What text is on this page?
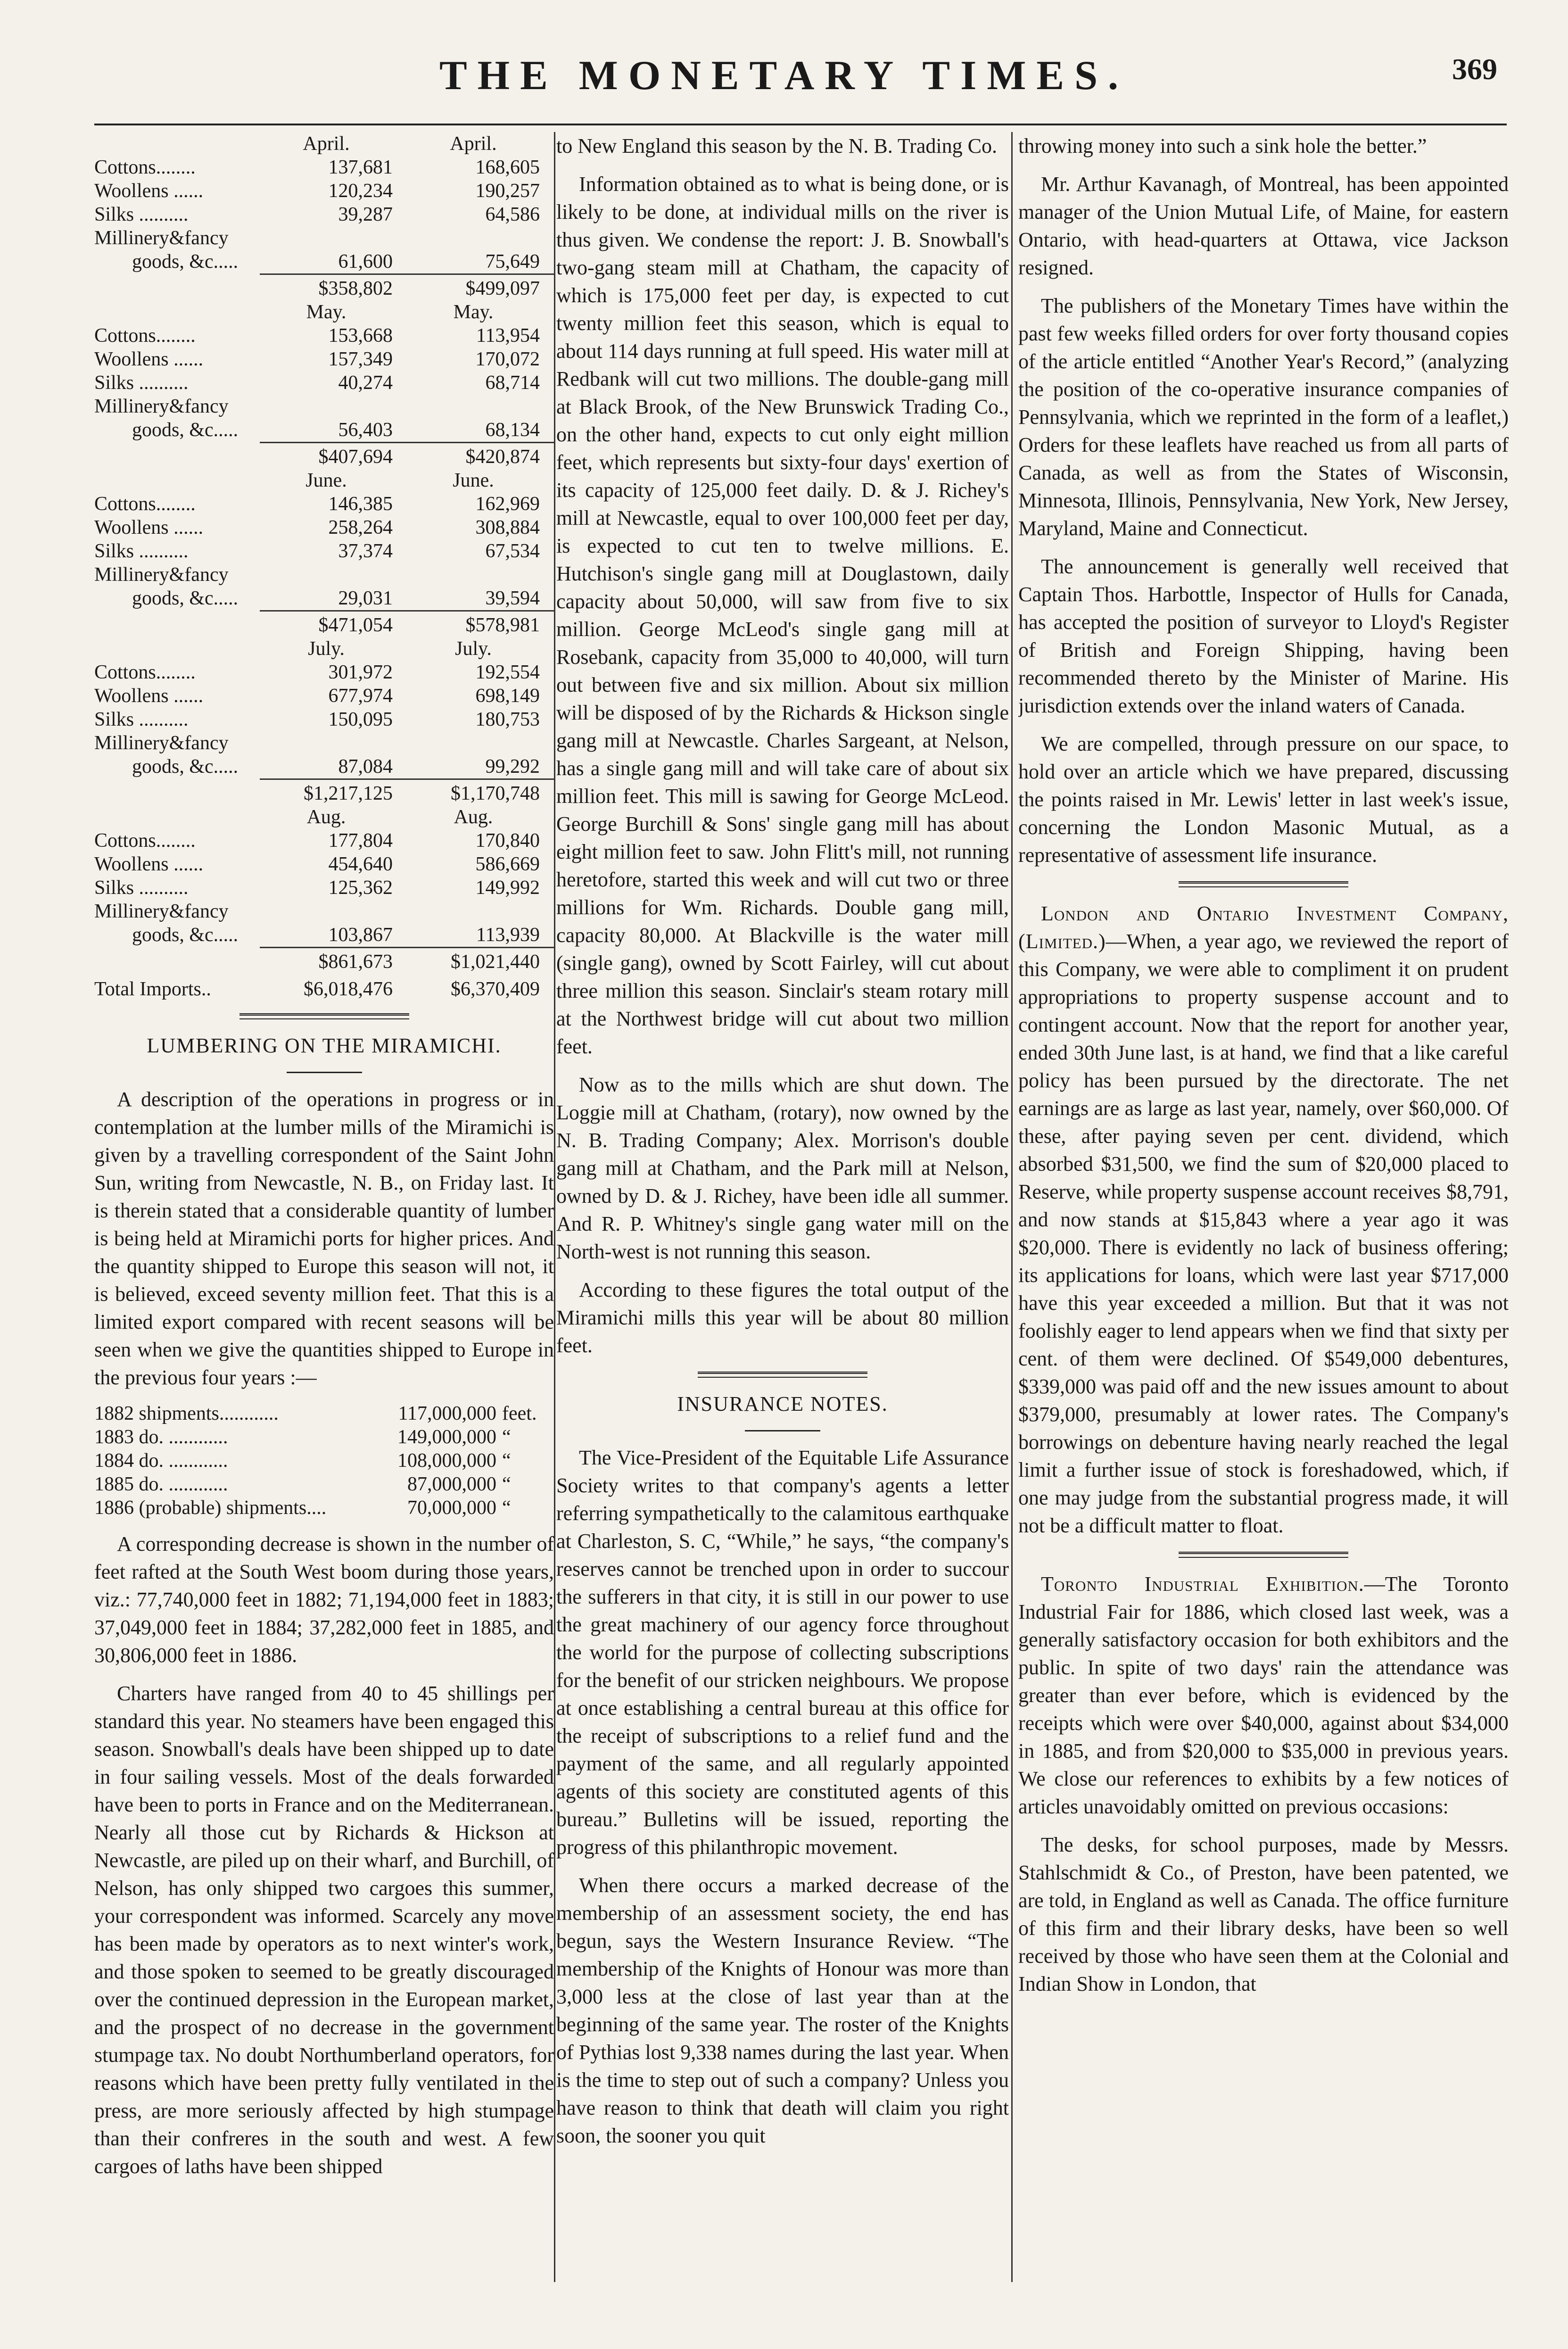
THE MONETARY TIMES.	369
	April.	April.
Cottons........	137,681	168,605
Woollens ......	120,234	190,257
Silks ..........	39,287	64,586
Millinery&fancy		
goods, &c.....	61,600	75,649
	$358,802	$499,097
	May.	May.
Cottons........	153,668	113,954
Woollens ......	157,349	170,072
Silks ..........	40,274	68,714
Millinery&fancy		
goods, &c.....	56,403	68,134
	$407,694	$420,874
	June.	June.
Cottons........	146,385	162,969
Woollens ......	258,264	308,884
Silks ..........	37,374	67,534
Millinery&fancy		
goods, &c.....	29,031	39,594
	$471,054	$578,981
	July.	July.
Cottons........	301,972	192,554
Woollens ......	677,974	698,149
Silks ..........	150,095	180,753
Millinery&fancy		
goods, &c.....	87,084	99,292
	$1,217,125	$1,170,748
	Aug.	Aug.
Cottons........	177,804	170,840
Woollens ......	454,640	586,669
Silks ..........	125,362	149,992
Millinery&fancy		
goods, &c.....	103,867	113,939
	$861,673	$1,021,440
Total Imports..	$6,018,476	$6,370,409
LUMBERING ON THE MIRAMICHI.

A description of the operations in progress or in contemplation at the lumber mills of the Miramichi is given by a travelling correspondent of the Saint John Sun, writing from Newcastle, N. B., on Friday last. It is therein stated that a considerable quantity of lumber is being held at Miramichi ports for higher prices. And the quantity shipped to Europe this season will not, it is believed, exceed seventy million feet. That this is a limited export compared with recent seasons will be seen when we give the quantities shipped to Europe in the previous four years :—

1882 shipments............	117,000,000	feet.
1883 do. ............	149,000,000	“
1884 do. ............	108,000,000	“
1885 do. ............	87,000,000	“
1886 (probable) shipments....	70,000,000	“

A corresponding decrease is shown in the number of feet rafted at the South West boom during those years, viz.: 77,740,000 feet in 1882; 71,194,000 feet in 1883; 37,049,000 feet in 1884; 37,282,000 feet in 1885, and 30,806,000 feet in 1886.

Charters have ranged from 40 to 45 shillings per standard this year. No steamers have been engaged this season. Snowball's deals have been shipped up to date in four sailing vessels. Most of the deals forwarded have been to ports in France and on the Mediterranean. Nearly all those cut by Richards & Hickson at Newcastle, are piled up on their wharf, and Burchill, of Nelson, has only shipped two cargoes this summer, your correspondent was informed. Scarcely any move has been made by operators as to next winter's work, and those spoken to seemed to be greatly discouraged over the continued depression in the European market, and the prospect of no decrease in the government stumpage tax. No doubt Northumberland operators, for reasons which have been pretty fully ventilated in the press, are more seriously affected by high stumpage than their confreres in the south and west. A few cargoes of laths have been shipped

to New England this season by the N. B. Trading Co.

Information obtained as to what is being done, or is likely to be done, at individual mills on the river is thus given. We condense the report: J. B. Snowball's two-gang steam mill at Chatham, the capacity of which is 175,000 feet per day, is expected to cut twenty million feet this season, which is equal to about 114 days running at full speed. His water mill at Redbank will cut two millions. The double-gang mill at Black Brook, of the New Brunswick Trading Co., on the other hand, expects to cut only eight million feet, which represents but sixty-four days' exertion of its capacity of 125,000 feet daily. D. & J. Richey's mill at Newcastle, equal to over 100,000 feet per day, is expected to cut ten to twelve millions. E. Hutchison's single gang mill at Douglastown, daily capacity about 50,000, will saw from five to six million. George McLeod's single gang mill at Rosebank, capacity from 35,000 to 40,000, will turn out between five and six million. About six million will be disposed of by the Richards & Hickson single gang mill at Newcastle. Charles Sargeant, at Nelson, has a single gang mill and will take care of about six million feet. This mill is sawing for George McLeod. George Burchill & Sons' single gang mill has about eight million feet to saw. John Flitt's mill, not running heretofore, started this week and will cut two or three millions for Wm. Richards. Double gang mill, capacity 80,000. At Blackville is the water mill (single gang), owned by Scott Fairley, will cut about three million this season. Sinclair's steam rotary mill at the Northwest bridge will cut about two million feet.

Now as to the mills which are shut down. The Loggie mill at Chatham, (rotary), now owned by the N. B. Trading Company; Alex. Morrison's double gang mill at Chatham, and the Park mill at Nelson, owned by D. & J. Richey, have been idle all summer. And R. P. Whitney's single gang water mill on the North-west is not running this season.

According to these figures the total output of the Miramichi mills this year will be about 80 million feet.

INSURANCE NOTES.

The Vice-President of the Equitable Life Assurance Society writes to that company's agents a letter referring sympathetically to the calamitous earthquake at Charleston, S. C, “While,” he says, “the company's reserves cannot be trenched upon in order to succour the sufferers in that city, it is still in our power to use the great machinery of our agency force throughout the world for the purpose of collecting subscriptions for the benefit of our stricken neighbours. We propose at once establishing a central bureau at this office for the receipt of subscriptions to a relief fund and the payment of the same, and all regularly appointed agents of this society are constituted agents of this bureau.” Bulletins will be issued, reporting the progress of this philanthropic movement.

When there occurs a marked decrease of the membership of an assessment society, the end has begun, says the Western Insurance Review. “The membership of the Knights of Honour was more than 3,000 less at the close of last year than at the beginning of the same year. The roster of the Knights of Pythias lost 9,338 names during the last year. When is the time to step out of such a company? Unless you have reason to think that death will claim you right soon, the sooner you quit

throwing money into such a sink hole the better.”

Mr. Arthur Kavanagh, of Montreal, has been appointed manager of the Union Mutual Life, of Maine, for eastern Ontario, with head-quarters at Ottawa, vice Jackson resigned.

The publishers of the Monetary Times have within the past few weeks filled orders for over forty thousand copies of the article entitled “Another Year's Record,” (analyzing the position of the co-operative insurance companies of Pennsylvania, which we reprinted in the form of a leaflet,) Orders for these leaflets have reached us from all parts of Canada, as well as from the States of Wisconsin, Minnesota, Illinois, Pennsylvania, New York, New Jersey, Maryland, Maine and Connecticut.

The announcement is generally well received that Captain Thos. Harbottle, Inspector of Hulls for Canada, has accepted the position of surveyor to Lloyd's Register of British and Foreign Shipping, having been recommended thereto by the Minister of Marine. His jurisdiction extends over the inland waters of Canada.

We are compelled, through pressure on our space, to hold over an article which we have prepared, discussing the points raised in Mr. Lewis' letter in last week's issue, concerning the London Masonic Mutual, as a representative of assessment life insurance.

London and Ontario Investment Company, (Limited.)—When, a year ago, we reviewed the report of this Company, we were able to compliment it on prudent appropriations to property suspense account and to contingent account. Now that the report for another year, ended 30th June last, is at hand, we find that a like careful policy has been pursued by the directorate. The net earnings are as large as last year, namely, over $60,000. Of these, after paying seven per cent. dividend, which absorbed $31,500, we find the sum of $20,000 placed to Reserve, while property suspense account receives $8,791, and now stands at $15,843 where a year ago it was $20,000. There is evidently no lack of business offering; its applications for loans, which were last year $717,000 have this year exceeded a million. But that it was not foolishly eager to lend appears when we find that sixty per cent. of them were declined. Of $549,000 debentures, $339,000 was paid off and the new issues amount to about $379,000, presumably at lower rates. The Company's borrowings on debenture having nearly reached the legal limit a further issue of stock is foreshadowed, which, if one may judge from the substantial progress made, it will not be a difficult matter to float.

Toronto Industrial Exhibition.—The Toronto Industrial Fair for 1886, which closed last week, was a generally satisfactory occasion for both exhibitors and the public. In spite of two days' rain the attendance was greater than ever before, which is evidenced by the receipts which were over $40,000, against about $34,000 in 1885, and from $20,000 to $35,000 in previous years. We close our references to exhibits by a few notices of articles unavoidably omitted on previous occasions:

The desks, for school purposes, made by Messrs. Stahlschmidt & Co., of Preston, have been patented, we are told, in England as well as Canada. The office furniture of this firm and their library desks, have been so well received by those who have seen them at the Colonial and Indian Show in London, that
